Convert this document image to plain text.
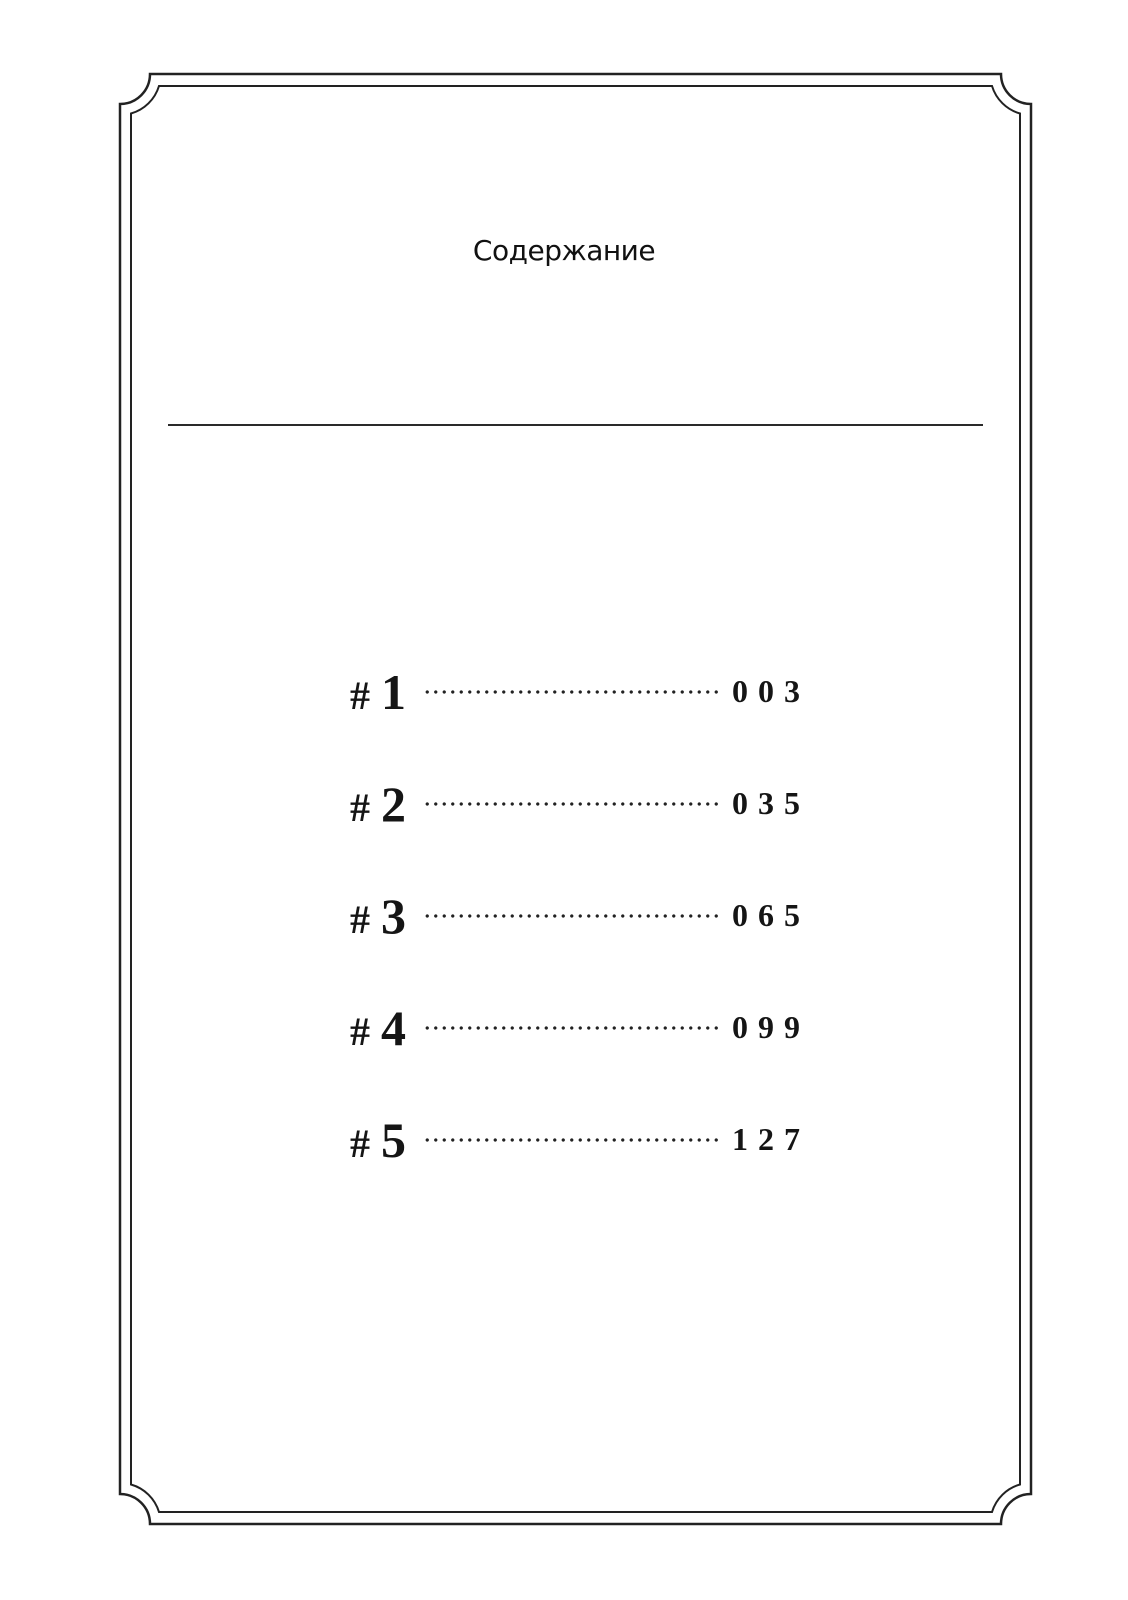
Содержание
# 1	003
# 2	035
# 3	065
# 4	099
# 5	127
